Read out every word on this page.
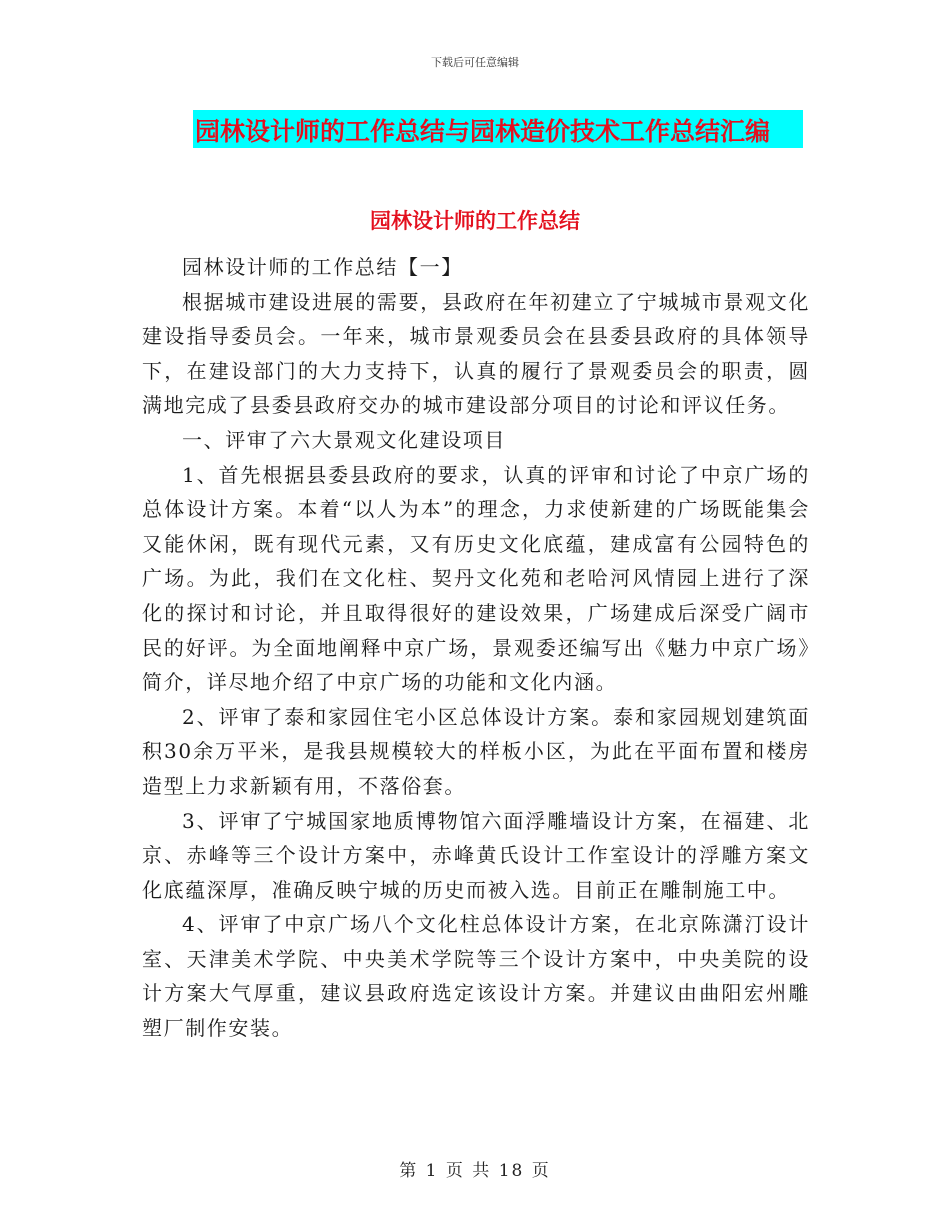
下载后可任意编辑
园林设计师的工作总结与园林造价技术工作总结汇编
园林设计师的工作总结

园林设计师的工作总结【一】

根据城市建设进展的需要，县政府在年初建立了宁城城市景观文化建设指导委员会。一年来，城市景观委员会在县委县政府的具体领导下，在建设部门的大力支持下，认真的履行了景观委员会的职责，圆满地完成了县委县政府交办的城市建设部分项目的讨论和评议任务。

一、评审了六大景观文化建设项目

1、首先根据县委县政府的要求，认真的评审和讨论了中京广场的总体设计方案。本着“以人为本”的理念，力求使新建的广场既能集会又能休闲，既有现代元素，又有历史文化底蕴，建成富有公园特色的广场。为此，我们在文化柱、契丹文化苑和老哈河风情园上进行了深化的探讨和讨论，并且取得很好的建设效果，广场建成后深受广阔市民的好评。为全面地阐释中京广场，景观委还编写出《魅力中京广场》简介，详尽地介绍了中京广场的功能和文化内涵。

2、评审了泰和家园住宅小区总体设计方案。泰和家园规划建筑面积30余万平米，是我县规模较大的样板小区，为此在平面布置和楼房造型上力求新颖有用，不落俗套。

3、评审了宁城国家地质博物馆六面浮雕墙设计方案，在福建、北京、赤峰等三个设计方案中，赤峰黄氏设计工作室设计的浮雕方案文化底蕴深厚，准确反映宁城的历史而被入选。目前正在雕制施工中。

4、评审了中京广场八个文化柱总体设计方案，在北京陈潇汀设计室、天津美术学院、中央美术学院等三个设计方案中，中央美院的设计方案大气厚重，建议县政府选定该设计方案。并建议由曲阳宏州雕塑厂制作安装。

第 1 页 共 18 页
